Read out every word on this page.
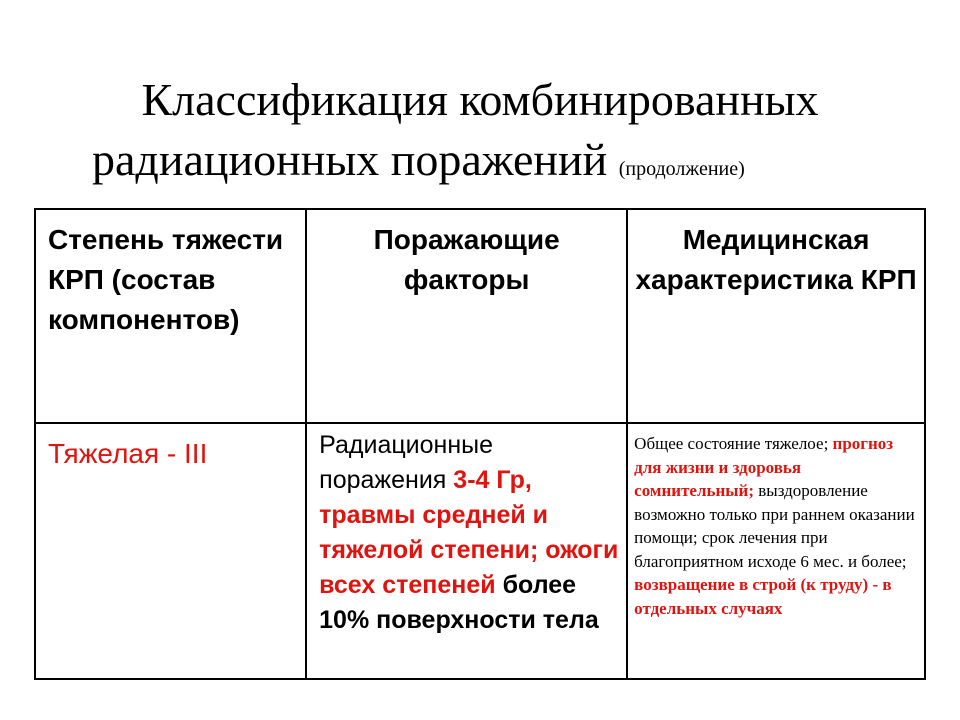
Классификация комбинированных
радиационных поражений (продолжение)
Степень тяжести КРП (состав компонентов)	Поражающие факторы	Медицинская характеристика КРП

Тяжелая - III	Радиационные поражения 3-4 Гр, травмы средней и тяжелой степени; ожоги всех степеней более 10% поверхности тела	Общее состояние тяжелое; прогноз для жизни и здоровья сомнительный; выздоровление возможно только при раннем оказании помощи; срок лечения при благоприятном исходе 6 мес. и более; возвращение в строй (к труду) - в отдельных случаях
